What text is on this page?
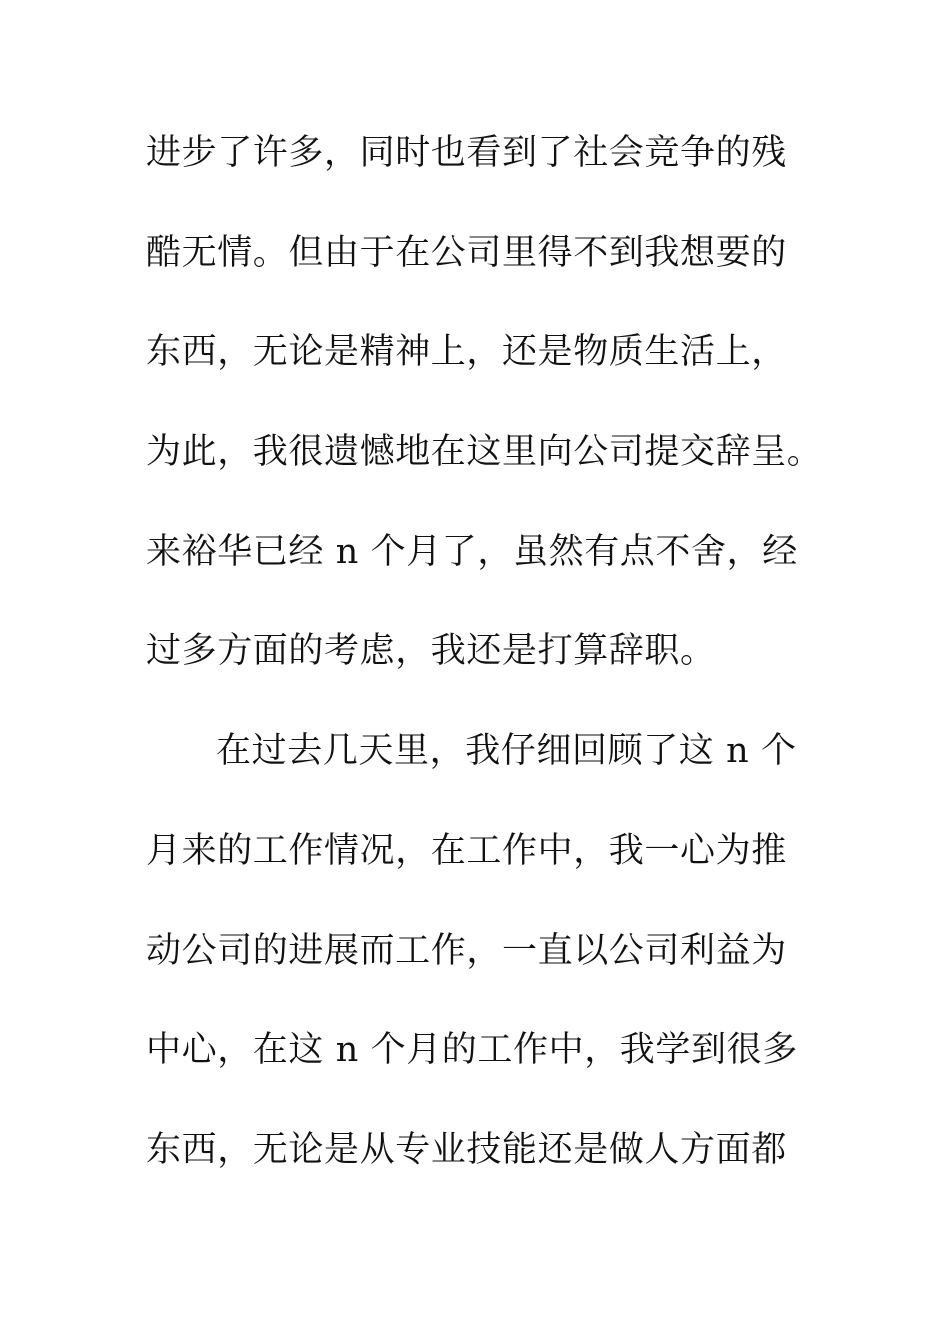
进步了许多，同时也看到了社会竞争的残
酷无情。但由于在公司里得不到我想要的
东西，无论是精神上，还是物质生活上，
为此，我很遗憾地在这里向公司提交辞呈。
来裕华已经 n 个月了，虽然有点不舍，经
过多方面的考虑，我还是打算辞职。
在过去几天里，我仔细回顾了这 n 个
月来的工作情况，在工作中，我一心为推
动公司的进展而工作，一直以公司利益为
中心，在这 n 个月的工作中，我学到很多
东西，无论是从专业技能还是做人方面都
